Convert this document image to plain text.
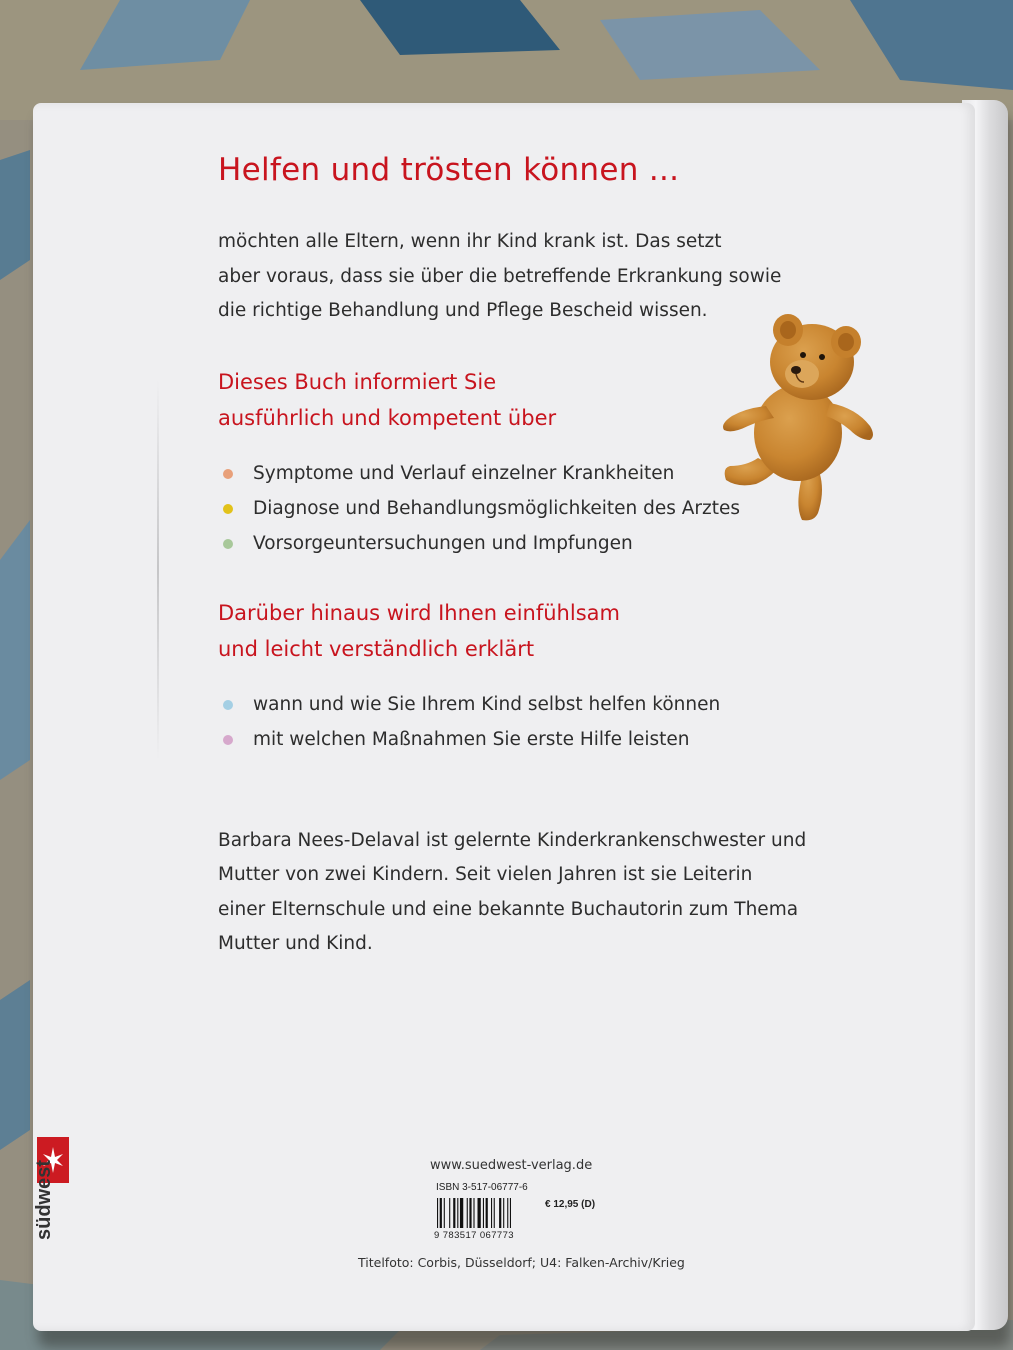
Helfen und trösten können ...

möchten alle Eltern, wenn ihr Kind krank ist. Das setzt

aber voraus, dass sie über die betreffende Erkrankung sowie

die richtige Behandlung und Pflege Bescheid wissen.

Dieses Buch informiert Sie

ausführlich und kompetent über

Symptome und Verlauf einzelner Krankheiten
Diagnose und Behandlungsmöglichkeiten des Arztes
Vorsorgeuntersuchungen und Impfungen

Darüber hinaus wird Ihnen einfühlsam

und leicht verständlich erklärt

wann und wie Sie Ihrem Kind selbst helfen können
mit welchen Maßnahmen Sie erste Hilfe leisten

Barbara Nees-Delaval ist gelernte Kinderkrankenschwester und

Mutter von zwei Kindern. Seit vielen Jahren ist sie Leiterin

einer Elternschule und eine bekannte Buchautorin zum Thema

Mutter und Kind.

www.suedwest-verlag.de

ISBN 3-517-06777-6
9 783517 067773
€ 12,95 (D)
Titelfoto: Corbis, Düsseldorf; U4: Falken-Archiv/Krieg
südwest
